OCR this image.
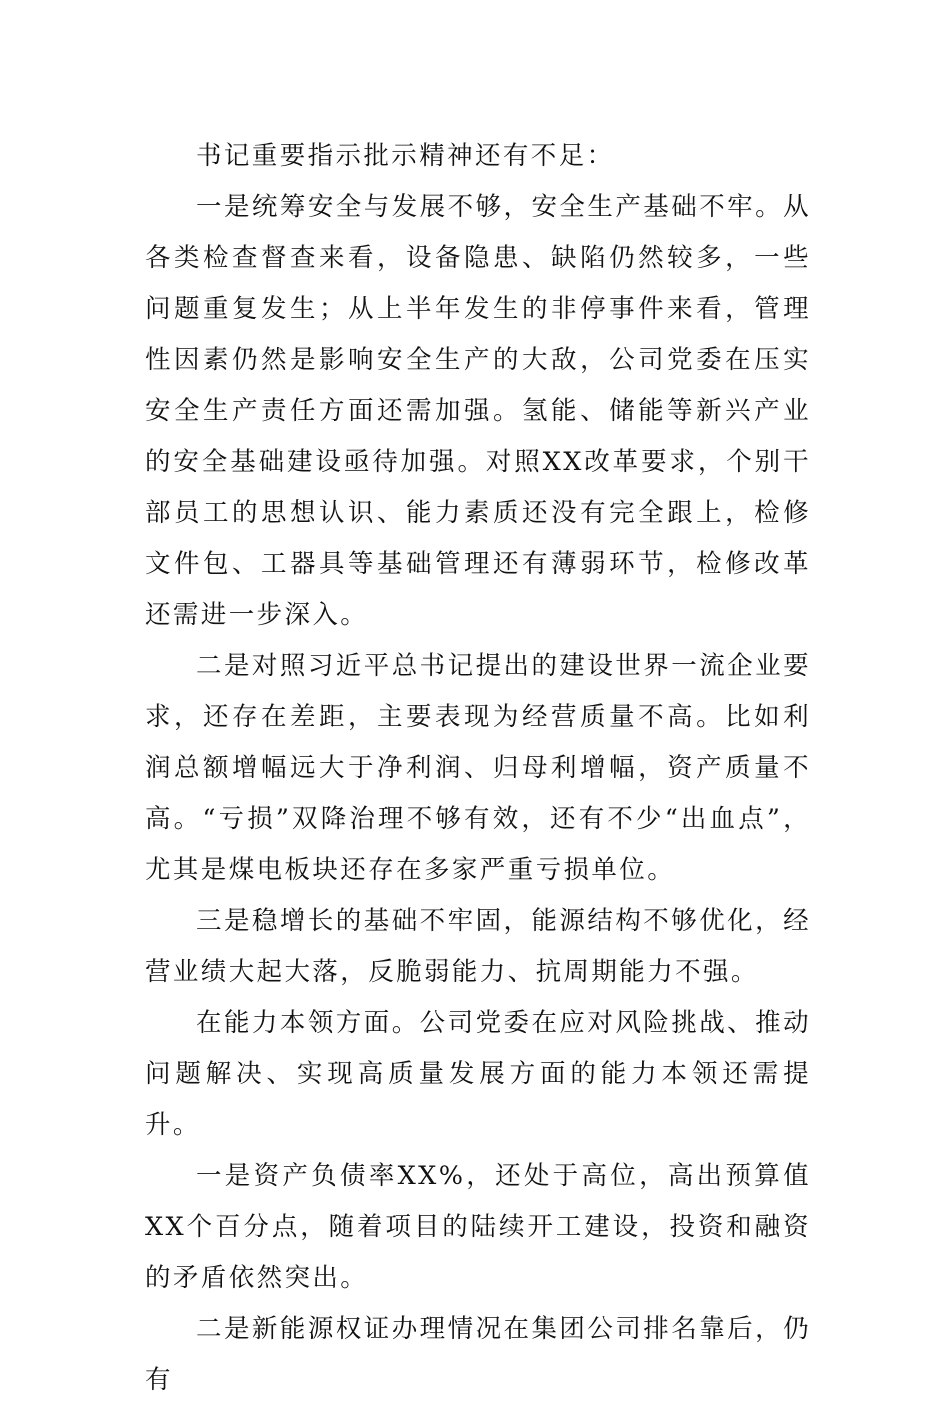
书记重要指示批示精神还有不足：

一是统筹安全与发展不够，安全生产基础不牢。从各类检查督查来看，设备隐患、缺陷仍然较多，一些问题重复发生；从上半年发生的非停事件来看，管理性因素仍然是影响安全生产的大敌，公司党委在压实安全生产责任方面还需加强。氢能、储能等新兴产业的安全基础建设亟待加强。对照XX改革要求，个别干部员工的思想认识、能力素质还没有完全跟上，检修文件包、工器具等基础管理还有薄弱环节，检修改革还需进一步深入。

二是对照习近平总书记提出的建设世界一流企业要求，还存在差距，主要表现为经营质量不高。比如利润总额增幅远大于净利润、归母利增幅，资产质量不高。“亏损”双降治理不够有效，还有不少“出血点”，尤其是煤电板块还存在多家严重亏损单位。

三是稳增长的基础不牢固，能源结构不够优化，经营业绩大起大落，反脆弱能力、抗周期能力不强。

在能力本领方面。公司党委在应对风险挑战、推动问题解决、实现高质量发展方面的能力本领还需提升。

一是资产负债率XX%，还处于高位，高出预算值XX个百分点，随着项目的陆续开工建设，投资和融资的矛盾依然突出。

二是新能源权证办理情况在集团公司排名靠后，仍有
